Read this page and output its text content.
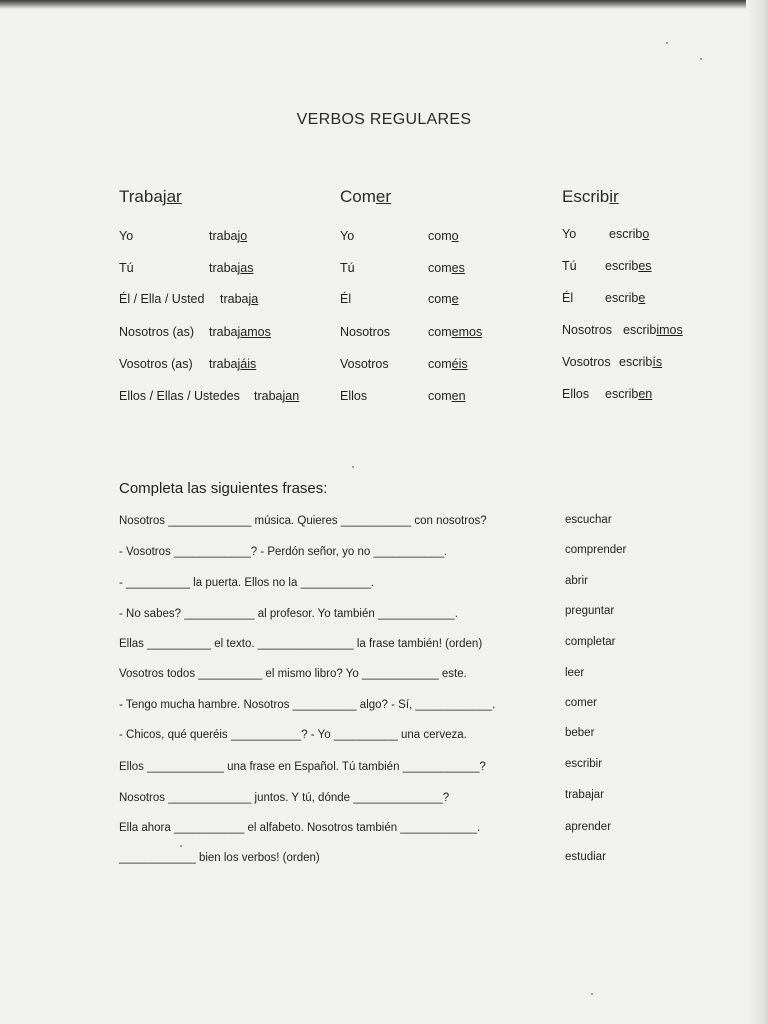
VERBOS REGULARES
Trabajar	Comer	Escribir
Yo	trabajo
Tú	trabajas
Él / Ella / Usted trabaja
Nosotros (as) trabajamos
Vosotros (as) trabajáis
Ellos / Ellas / Ustedes trabajan
Yo	como
Tú	comes
Él	come
Nosotros	comemos
Vosotros	coméis
Ellos	comen
Yo	escribo
Tú escribes
Él	escribe
Nosotros escribimos
Vosotros escribís
Ellos escriben
Completa las siguientes frases:
Nosotros _____________ música. Quieres ___________ con nosotros?	escuchar
- Vosotros ____________? - Perdón señor, yo no ___________.	comprender
- __________ la puerta. Ellos no la ___________.	abrir
- No sabes? ___________ al profesor. Yo también ____________.	preguntar
Ellas __________ el texto. _______________ la frase también! (orden)	completar
Vosotros todos __________ el mismo libro? Yo ____________ este.	leer
- Tengo mucha hambre. Nosotros __________ algo? - Sí, ____________.	comer
- Chicos, qué queréis ___________? - Yo __________ una cerveza.	beber
Ellos ____________ una frase en Español. Tú también ____________?	escribir
Nosotros _____________ juntos. Y tú, dónde ______________?	trabajar
Ella ahora ___________ el alfabeto. Nosotros también ____________.	aprender
____________ bien los verbos! (orden)	estudiar
